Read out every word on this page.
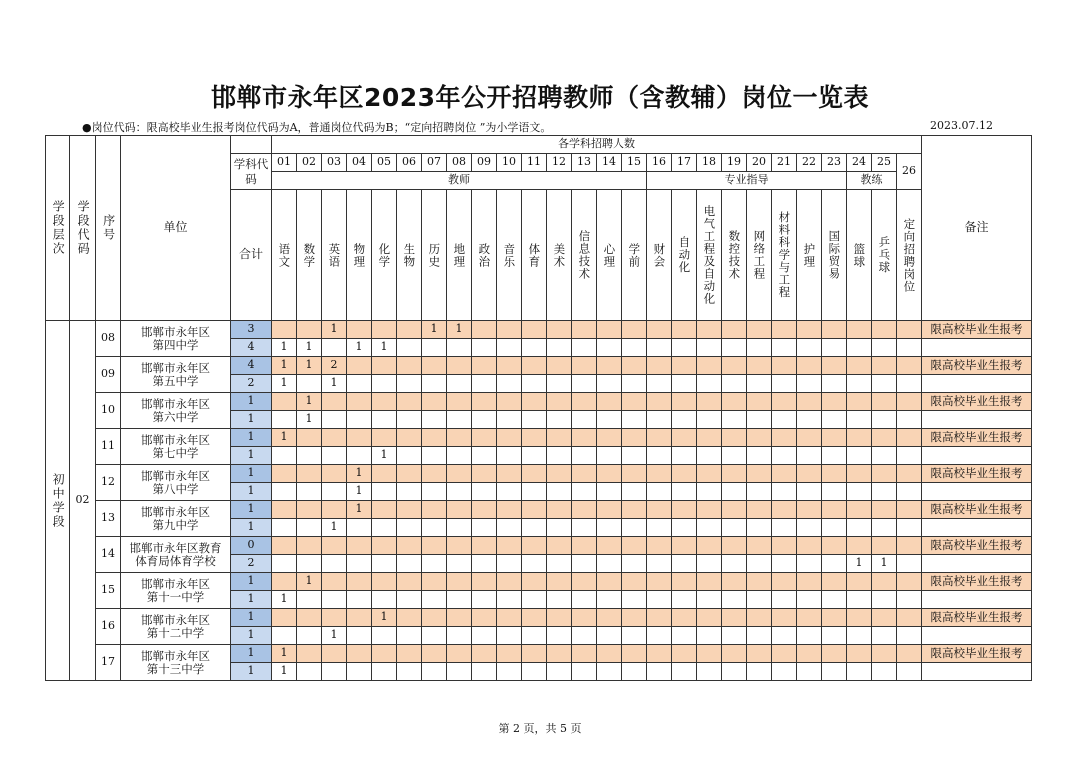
邯郸市永年区2023年公开招聘教师（含教辅）岗位一览表
●岗位代码：限高校毕业生报考岗位代码为A，普通岗位代码为B；“定向招聘岗位 ”为小学语文。	2023.07.12
学段层次	学段代码	序号	单位		各学科招聘人数																										备注
				学科代码	01	02	03	04	05	06	07	08	09	10	11	12	13	14	15	16	17	18	19	20	21	22	23	24	25	26	
					教师															专业指导								教练			
				合计	语文	数学	英语	物理	化学	生物	历史	地理	政治	音乐	体育	美术	信息技术	心理	学前	财会	自动化	电气工程及自动化	数控技术	网络工程	材料科学与工程	护理	国际贸易	篮球	乒乓球	定向招聘岗位	

初中学段	02	08	邯郸市永年区
第四中学	3			1				1	1																			限高校毕业生报考
				4	1	1		1	1																						
		09	邯郸市永年区
第五中学	4	1	1	2																								限高校毕业生报考
				2	1		1																								
		10	邯郸市永年区
第六中学	1		1																									限高校毕业生报考
				1		1																									
		11	邯郸市永年区
第七中学	1	1																										限高校毕业生报考
				1					1																						
		12	邯郸市永年区
第八中学	1				1																							限高校毕业生报考
				1				1																							
		13	邯郸市永年区
第九中学	1				1																							限高校毕业生报考
				1			1																								
		14	邯郸市永年区教育
体育局体育学校	0																											限高校毕业生报考
				2																								1	1		
		15	邯郸市永年区
第十一中学	1		1																									限高校毕业生报考
				1	1																										
		16	邯郸市永年区
第十二中学	1					1																						限高校毕业生报考
				1			1																								
		17	邯郸市永年区
第十三中学	1	1																										限高校毕业生报考
				1	1																										
第 2 页，共 5 页
